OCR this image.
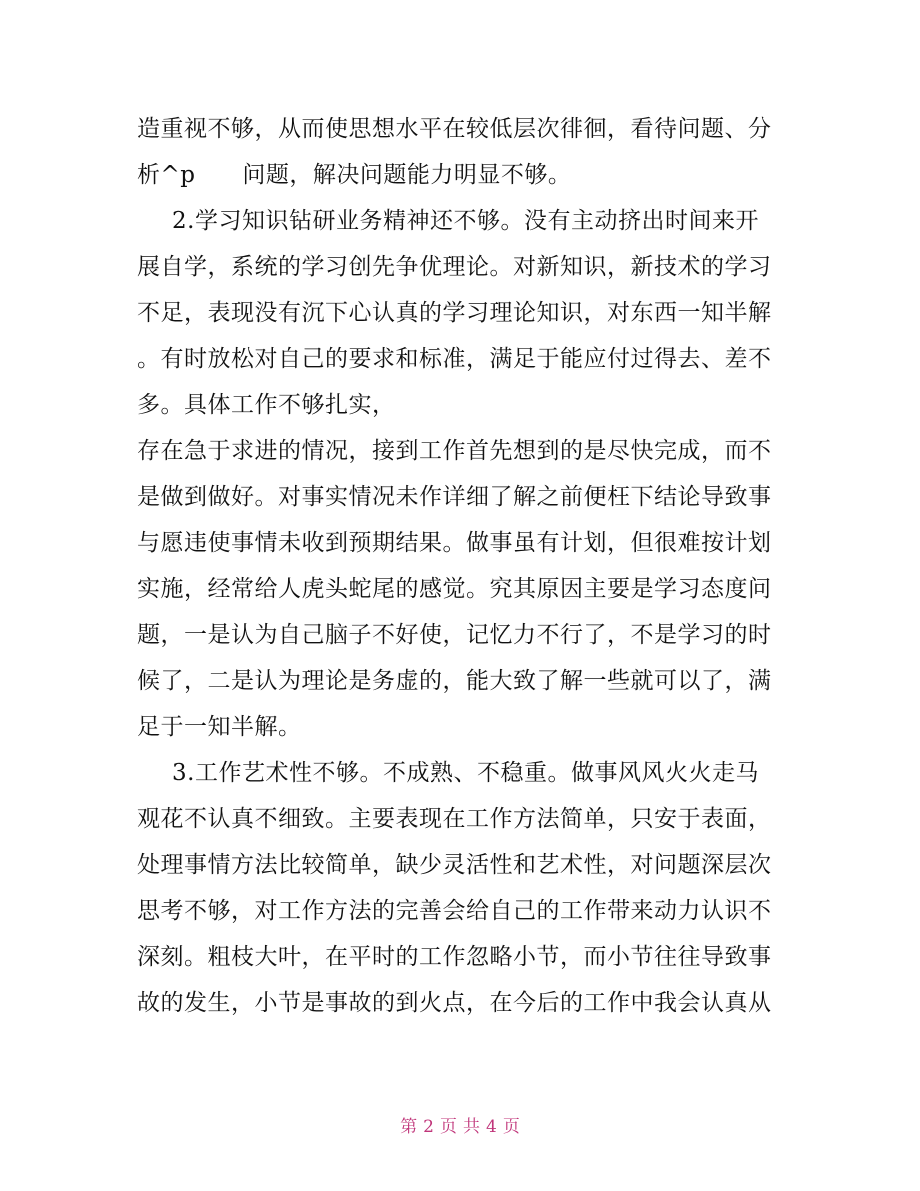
造重视不够，从而使思想水平在较低层次徘徊，看待问题、分
析^p      问题，解决问题能力明显不够。
2.学习知识钻研业务精神还不够。没有主动挤出时间来开
展自学，系统的学习创先争优理论。对新知识，新技术的学习
不足，表现没有沉下心认真的学习理论知识，对东西一知半解
。有时放松对自己的要求和标准，满足于能应付过得去、差不
多。具体工作不够扎实，
存在急于求进的情况，接到工作首先想到的是尽快完成，而不
是做到做好。对事实情况未作详细了解之前便枉下结论导致事
与愿违使事情未收到预期结果。做事虽有计划，但很难按计划
实施，经常给人虎头蛇尾的感觉。究其原因主要是学习态度问
题，一是认为自己脑子不好使，记忆力不行了，不是学习的时
候了，二是认为理论是务虚的，能大致了解一些就可以了，满
足于一知半解。
3.工作艺术性不够。不成熟、不稳重。做事风风火火走马
观花不认真不细致。主要表现在工作方法简单，只安于表面，
处理事情方法比较简单，缺少灵活性和艺术性，对问题深层次
思考不够，对工作方法的完善会给自己的工作带来动力认识不
深刻。粗枝大叶，在平时的工作忽略小节，而小节往往导致事
故的发生，小节是事故的到火点，在今后的工作中我会认真从
第 2 页 共 4 页
